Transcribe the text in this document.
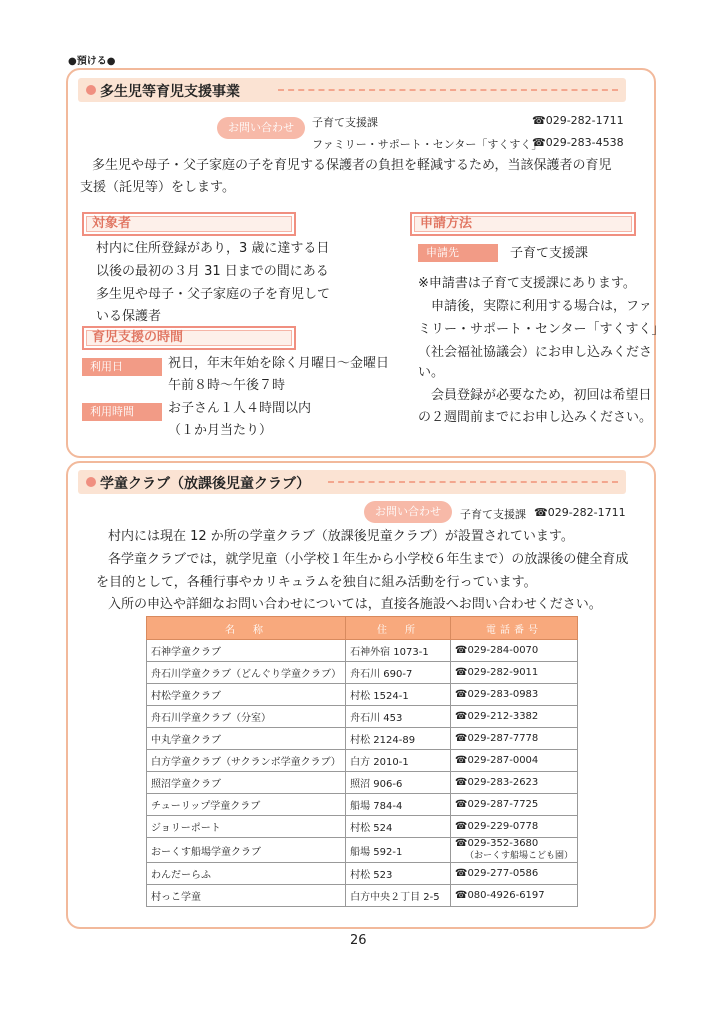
●預ける●
多生児等育児支援事業
お問い合わせ	子育て支援課	☎029-282-1711
ファミリー・サポート・センター「すくすく」
☎029-283-4538
多生児や母子・父子家庭の子を育児する保護者の負担を軽減するため，当該保護者の育児
支援（託児等）をします。
対象者
村内に住所登録があり，3 歳に達する日
以後の最初の３月 31 日までの間にある
多生児や母子・父子家庭の子を育児して
いる保護者
育児支援の時間
利用日	祝日，年末年始を除く月曜日～金曜日
午前８時～午後７時
利用時間	お子さん１人４時間以内
（１か月当たり）
申請方法
申請先	子育て支援課
※申請書は子育て支援課にあります。
　申請後，実際に利用する場合は，ファ
ミリー・サポート・センター「すくすく」
（社会福祉協議会）にお申し込みくださ
い。
　会員登録が必要なため，初回は希望日
の２週間前までにお申し込みください。
学童クラブ（放課後児童クラブ）
お問い合わせ	子育て支援課 ☎029-282-1711
村内には現在 12 か所の学童クラブ（放課後児童クラブ）が設置されています。
各学童クラブでは，就学児童（小学校１年生から小学校６年生まで）の放課後の健全育成
を目的として，各種行事やカリキュラムを独自に組み活動を行っています。
入所の申込や詳細なお問い合わせについては，直接各施設へお問い合わせください。
名　称	住　所	電話番号
石神学童クラブ	石神外宿 1073-1	☎029-284-0070
舟石川学童クラブ（どんぐり学童クラブ）	舟石川 690-7	☎029-282-9011
村松学童クラブ	村松 1524-1	☎029-283-0983
舟石川学童クラブ（分室）	舟石川 453	☎029-212-3382
中丸学童クラブ	村松 2124-89	☎029-287-7778
白方学童クラブ（サクランボ学童クラブ）	白方 2010-1	☎029-287-0004
照沼学童クラブ	照沼 906-6	☎029-283-2623
チューリップ学童クラブ	船場 784-4	☎029-287-7725
ジョリーポート	村松 524	☎029-229-0778
おーくす船場学童クラブ	船場 592-1	☎029-352-3680
（おーくす船場こども園）

わんだーらふ	村松 523	☎029-277-0586
村っこ学童	白方中央２丁目 2-5	☎080-4926-6197
26
